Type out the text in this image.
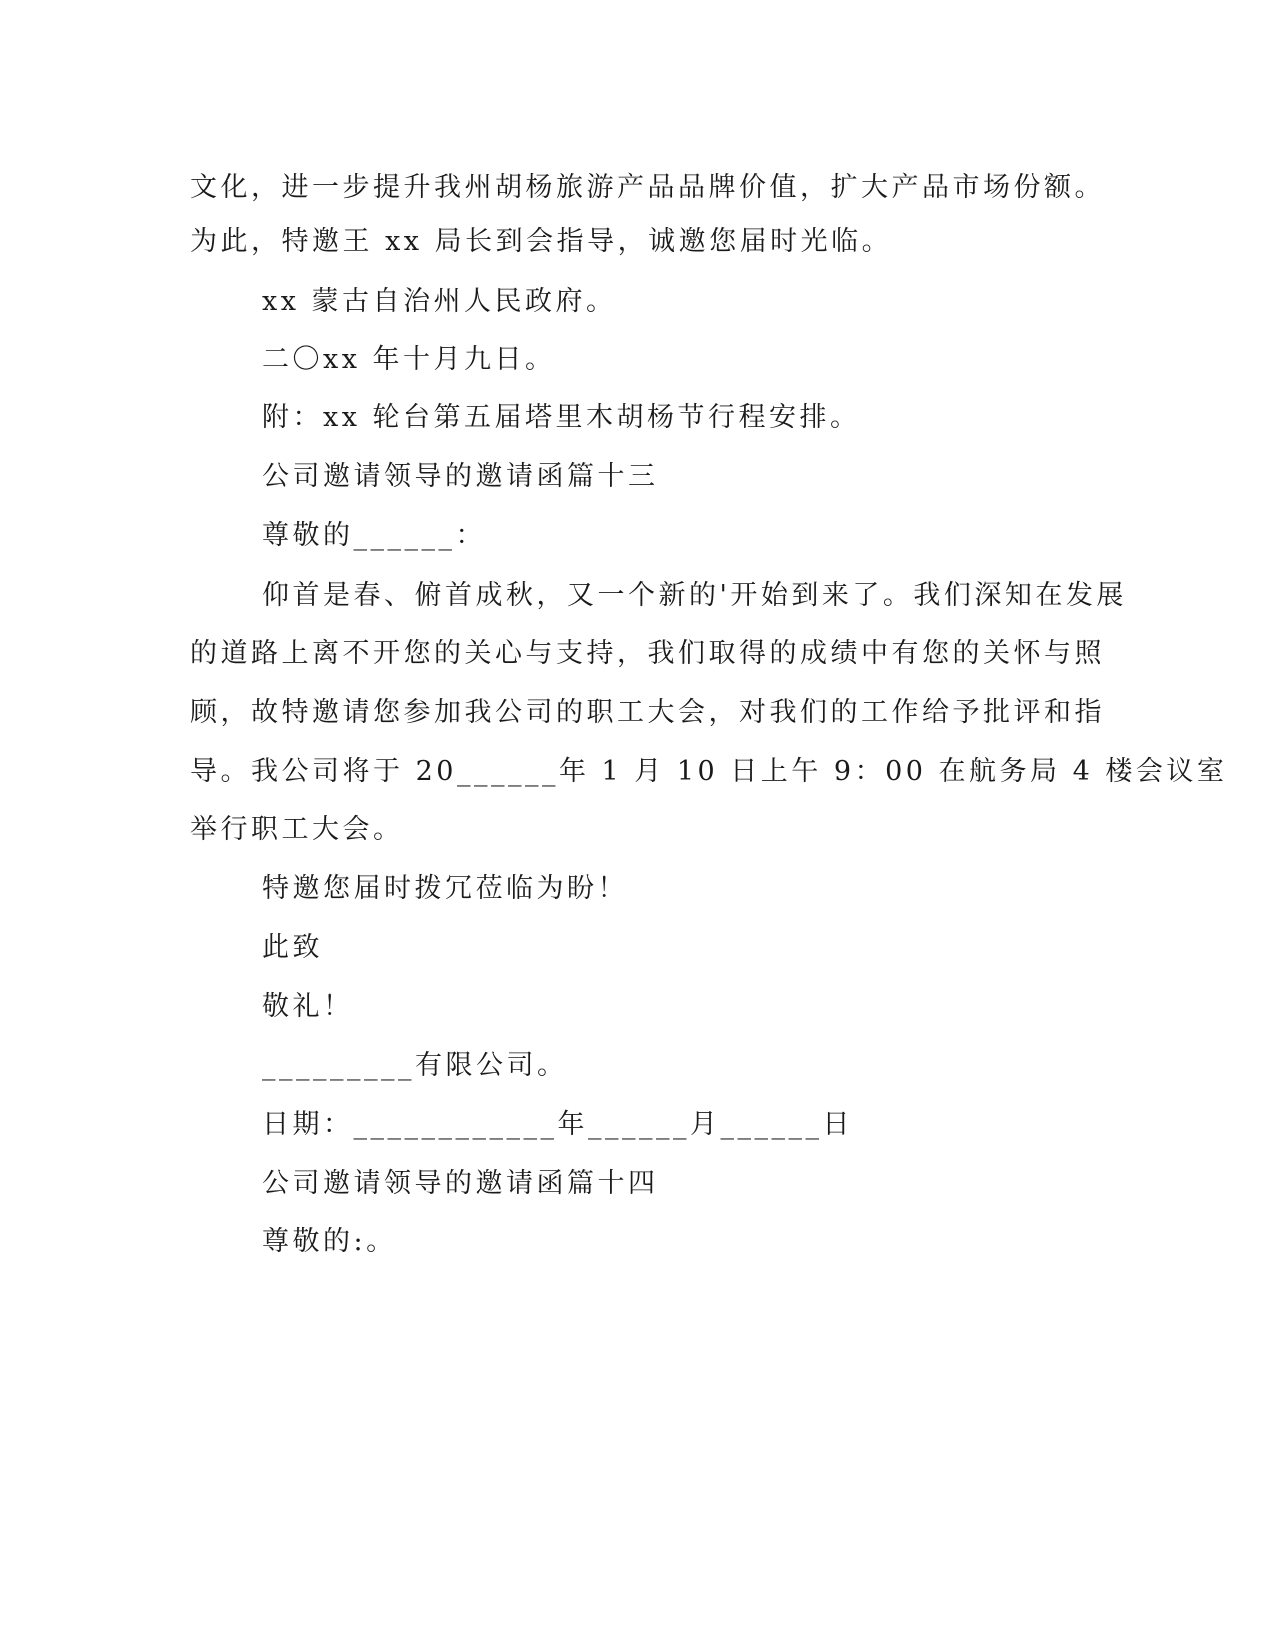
文化，进一步提升我州胡杨旅游产品品牌价值，扩大产品市场份额。
为此，特邀王 xx 局长到会指导，诚邀您届时光临。
xx 蒙古自治州人民政府。
二〇xx 年十月九日。
附：xx 轮台第五届塔里木胡杨节行程安排。
公司邀请领导的邀请函篇十三
尊敬的______：
仰首是春、俯首成秋，又一个新的'开始到来了。我们深知在发展
的道路上离不开您的关心与支持，我们取得的成绩中有您的关怀与照
顾，故特邀请您参加我公司的职工大会，对我们的工作给予批评和指
导。我公司将于 20______年 1 月 10 日上午 9：00 在航务局 4 楼会议室
举行职工大会。
特邀您届时拨冗莅临为盼！
此致
敬礼！
_________有限公司。
日期：____________年______月______日
公司邀请领导的邀请函篇十四
尊敬的:。
